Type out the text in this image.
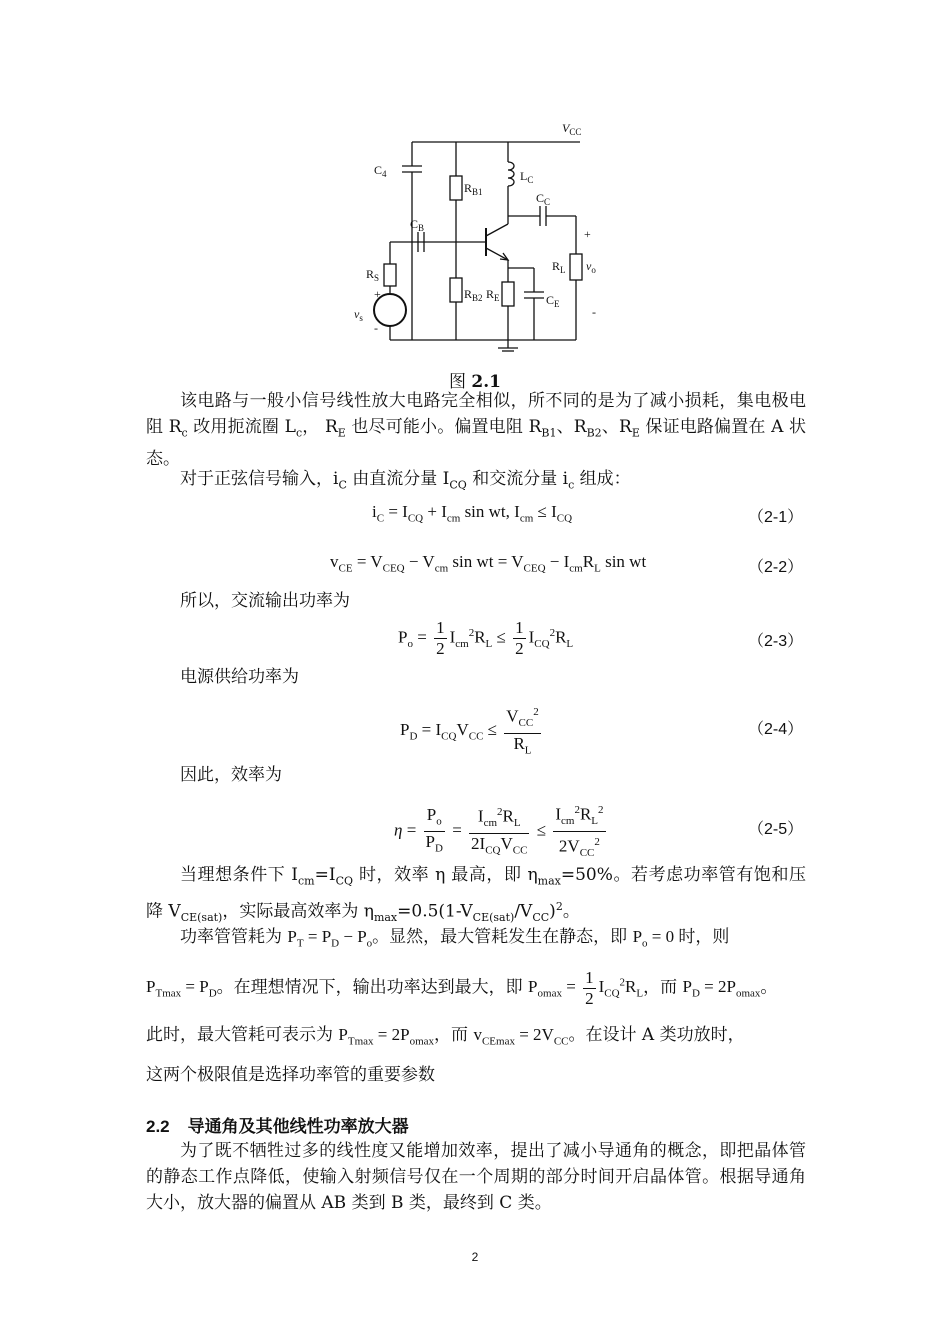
$V_{CC}$
$C_4$
$R_{B1}$
$L_C$
$C_C$
$C_B$	+
$R_S$
$R_L$ $v_o$
$R_{B2}$ $R_E$	$C_E$
+
$v_s$
-
-
图 2.1
该电路与一般小信号线性放大电路完全相似，所不同的是为了减小损耗，集电极电阻 $R_c$ 改用扼流圈 $L_c$， $R_E$ 也尽可能小。偏置电阻 $R_{B1}$、$R_{B2}$、$R_E$ 保证电路偏置在 A 状态。
对于正弦信号输入，$i_C$ 由直流分量 $I_{CQ}$ 和交流分量 $i_c$ 组成：
$i_C = I_{CQ} + I_{cm}$ sin wt, $I_{cm} \le I_{CQ}$	（2-1）
$v_{CE} = V_{CEQ} - V_{cm}$ sin wt = $V_{CEQ} - I_{cm}R_L$ sin wt	（2-2）
所以，交流输出功率为
$P_o = \frac{1}{2} I_{cm}^2R_L \le \frac{1}{2} I_{CQ}^2R_L$	（2-3）
电源供给功率为
$P_D = I_{CQ}V_{CC} \le \frac{V_{CC}^2}{R_L}$	（2-4）
因此，效率为
$\eta = \frac{P_o}{P_D} = \frac{I_{cm}^2R_L}{2I_{CQ}V_{CC}} \le \frac{I_{cm}^2R_L^2}{2V_{CC}^2}$	（2-5）
当理想条件下 $I_{cm}=I_{CQ}$ 时，效率 η 最高，即 $\eta_{max}=50\%$。若考虑功率管有饱和压降 $V_{CE(sat)}$，实际最高效率为 $\eta_{max}=0.5(1-V_{CE(sat)}/V_{CC})^2$。
功率管管耗为 $P_T = P_D - P_o$。显然，最大管耗发生在静态，即 $P_o = 0$ 时，则
$P_{Tmax} = P_D$。在理想情况下，输出功率达到最大，即 $P_{omax} = \frac{1}{2} I_{CQ}^2R_L$，而 $P_D = 2P_{omax}$。
此时，最大管耗可表示为 $P_{Tmax} = 2P_{omax}$，而 $v_{CEmax} = 2V_{CC}$。在设计 A 类功放时，
这两个极限值是选择功率管的重要参数
2.2 导通角及其他线性功率放大器
为了既不牺牲过多的线性度又能增加效率，提出了减小导通角的概念，即把晶体管的静态工作点降低，使输入射频信号仅在一个周期的部分时间开启晶体管。根据导通角大小，放大器的偏置从 AB 类到 B 类，最终到 C 类。
2
